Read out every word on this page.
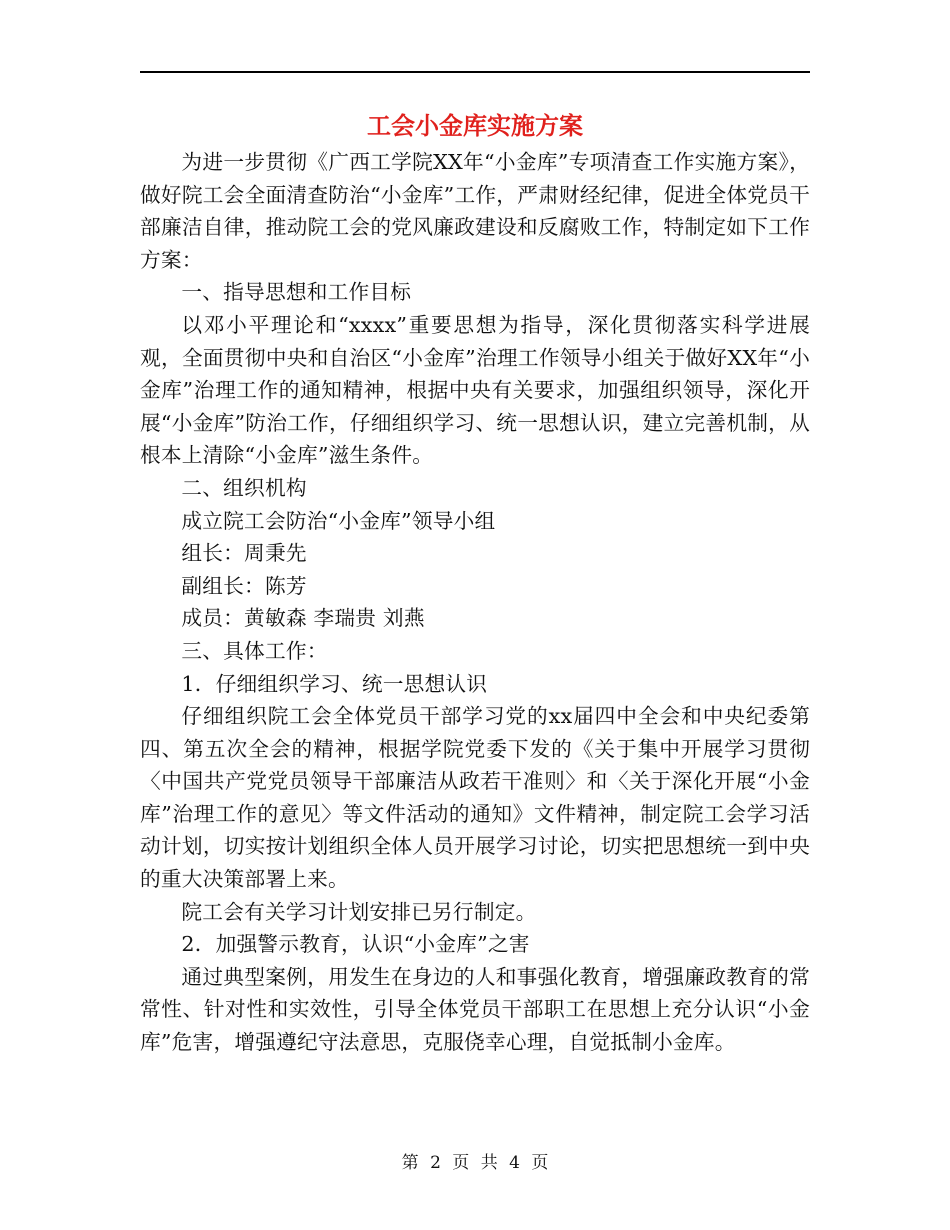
工会小金库实施方案

为进一步贯彻《广西工学院XX年“小金库”专项清查工作实施方案》，做好院工会全面清查防治“小金库”工作，严肃财经纪律，促进全体党员干部廉洁自律，推动院工会的党风廉政建设和反腐败工作，特制定如下工作方案：

一、指导思想和工作目标

以邓小平理论和“xxxx”重要思想为指导，深化贯彻落实科学进展观，全面贯彻中央和自治区“小金库”治理工作领导小组关于做好XX年“小金库”治理工作的通知精神，根据中央有关要求，加强组织领导，深化开展“小金库”防治工作，仔细组织学习、统一思想认识，建立完善机制，从根本上清除“小金库”滋生条件。

二、组织机构

成立院工会防治“小金库”领导小组

组长：周秉先

副组长：陈芳

成员：黄敏森 李瑞贵 刘燕

三、具体工作：

1．仔细组织学习、统一思想认识

仔细组织院工会全体党员干部学习党的xx届四中全会和中央纪委第四、第五次全会的精神，根据学院党委下发的《关于集中开展学习贯彻〈中国共产党党员领导干部廉洁从政若干准则〉和〈关于深化开展“小金库”治理工作的意见〉等文件活动的通知》文件精神，制定院工会学习活动计划，切实按计划组织全体人员开展学习讨论，切实把思想统一到中央的重大决策部署上来。

院工会有关学习计划安排已另行制定。

2．加强警示教育，认识“小金库”之害

通过典型案例，用发生在身边的人和事强化教育，增强廉政教育的常常性、针对性和实效性，引导全体党员干部职工在思想上充分认识“小金库”危害，增强遵纪守法意思，克服侥幸心理，自觉抵制小金库。

第 2 页 共 4 页
